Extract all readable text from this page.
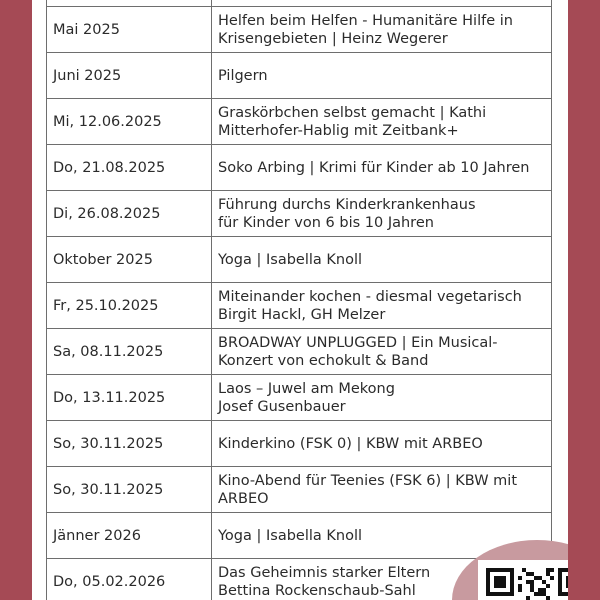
Mai 2025	Helfen beim Helfen - Humanitäre Hilfe in
Krisengebieten | Heinz Wegerer
Juni 2025	Pilgern
Mi, 12.06.2025	Graskörbchen selbst gemacht | Kathi
Mitterhofer-Hablig mit Zeitbank+
Do, 21.08.2025	Soko Arbing | Krimi für Kinder ab 10 Jahren
Di, 26.08.2025	Führung durchs Kinderkrankenhaus
für Kinder von 6 bis 10 Jahren
Oktober 2025	Yoga | Isabella Knoll
Fr, 25.10.2025	Miteinander kochen - diesmal vegetarisch
Birgit Hackl, GH Melzer
Sa, 08.11.2025	BROADWAY UNPLUGGED | Ein Musical-
Konzert von echokult & Band
Do, 13.11.2025	Laos – Juwel am Mekong
Josef Gusenbauer
So, 30.11.2025	Kinderkino (FSK 0) | KBW mit ARBEO
So, 30.11.2025	Kino-Abend für Teenies (FSK 6) | KBW mit
ARBEO
Jänner 2026	Yoga | Isabella Knoll
Do, 05.02.2026	Das Geheimnis starker Eltern
Bettina Rockenschaub-Sahl
